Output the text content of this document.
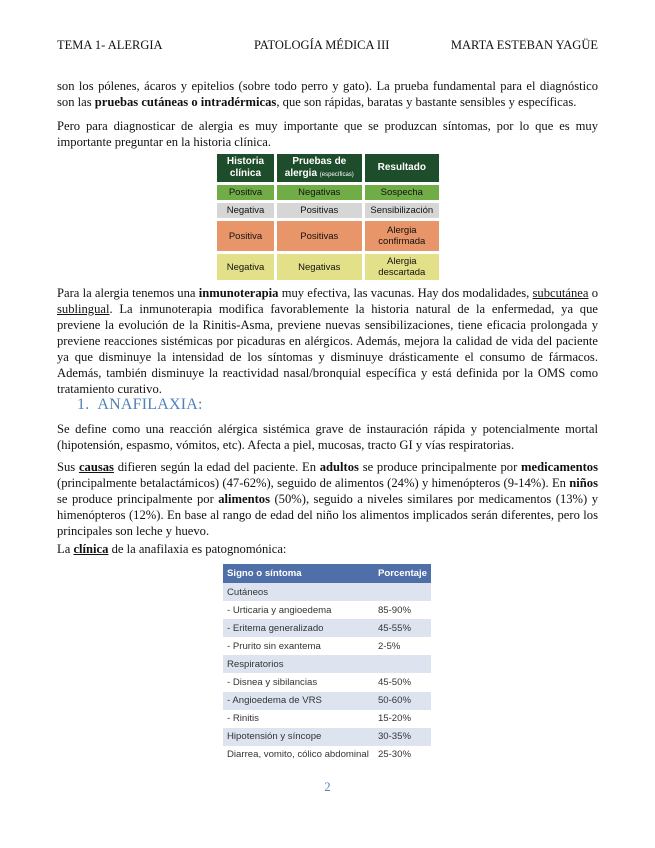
TEMA 1- ALERGIA	PATOLOGÍA MÉDICA III	MARTA ESTEBAN YAGÜE

son los pólenes, ácaros y epitelios (sobre todo perro y gato). La prueba fundamental para el diagnóstico son las pruebas cutáneas o intradérmicas, que son rápidas, baratas y bastante sensibles y específicas.

Pero para diagnosticar de alergia es muy importante que se produzcan síntomas, por lo que es muy importante preguntar en la historia clínica.

Historia clínica	Pruebas de alergia (específicas)	Resultado
Positiva	Negativas	Sospecha
Negativa	Positivas	Sensibilización
Positiva	Positivas	Alergia confirmada
Negativa	Negativas	Alergia descartada

Para la alergia tenemos una inmunoterapia muy efectiva, las vacunas. Hay dos modalidades, subcutánea o sublingual. La inmunoterapia modifica favorablemente la historia natural de la enfermedad, ya que previene la evolución de la Rinitis-Asma, previene nuevas sensibilizaciones, tiene eficacia prolongada y previene reacciones sistémicas por picaduras en alérgicos. Además, mejora la calidad de vida del paciente ya que disminuye la intensidad de los síntomas y disminuye drásticamente el consumo de fármacos. Además, también disminuye la reactividad nasal/bronquial específica y está definida por la OMS como tratamiento curativo.

1. ANAFILAXIA:

Se define como una reacción alérgica sistémica grave de instauración rápida y potencialmente mortal (hipotensión, espasmo, vómitos, etc). Afecta a piel, mucosas, tracto GI y vías respiratorias.

Sus causas difieren según la edad del paciente. En adultos se produce principalmente por medicamentos (principalmente betalactámicos) (47-62%), seguido de alimentos (24%) y himenópteros (9-14%). En niños se produce principalmente por alimentos (50%), seguido a niveles similares por medicamentos (13%) y himenópteros (12%). En base al rango de edad del niño los alimentos implicados serán diferentes, pero los principales son leche y huevo.

La clínica de la anafilaxia es patognomónica:

Signo o síntoma	Porcentaje
Cutáneos	
- Urticaria y angioedema	85-90%
- Eritema generalizado	45-55%
- Prurito sin exantema	2-5%
Respiratorios	
- Disnea y sibilancias	45-50%
- Angioedema de VRS	50-60%
- Rinitis	15-20%
Hipotensión y síncope	30-35%
Diarrea, vomito, cólico abdominal	25-30%
2
